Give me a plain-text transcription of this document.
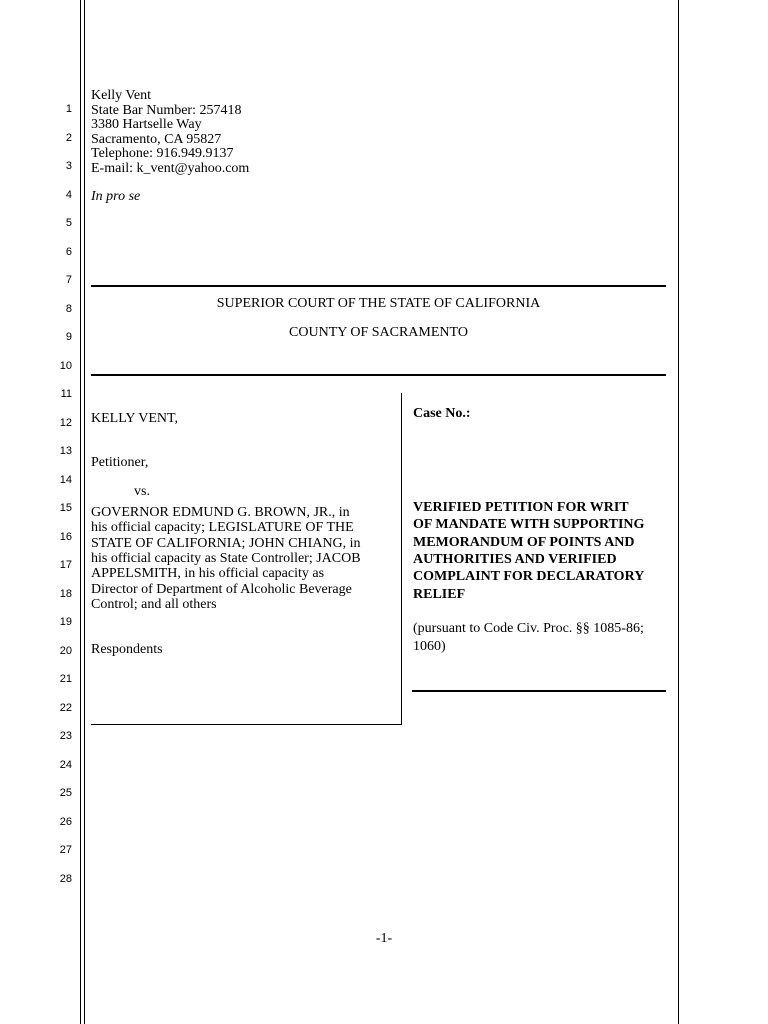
1
2
3
4
5
6
7
8
9
10
11
12
13
14
15
16
17
18
19
20
21
22
23
24
25
26
27
28
Kelly Vent
State Bar Number: 257418
3380 Hartselle Way
Sacramento, CA 95827
Telephone: 916.949.9137
E-mail: k_vent@yahoo.com
In pro se
SUPERIOR COURT OF THE STATE OF CALIFORNIA
COUNTY OF SACRAMENTO
KELLY VENT,
Petitioner,
vs.
GOVERNOR EDMUND G. BROWN, JR., in
his official capacity; LEGISLATURE OF THE
STATE OF CALIFORNIA; JOHN CHIANG, in
his official capacity as State Controller; JACOB
APPELSMITH, in his official capacity as
Director of Department of Alcoholic Beverage
Control; and all others
Respondents
Case No.:
VERIFIED PETITION FOR WRIT
OF MANDATE WITH SUPPORTING
MEMORANDUM OF POINTS AND
AUTHORITIES AND VERIFIED
COMPLAINT FOR DECLARATORY
RELIEF
(pursuant to Code Civ. Proc. §§ 1085-86;
1060)
-1-
